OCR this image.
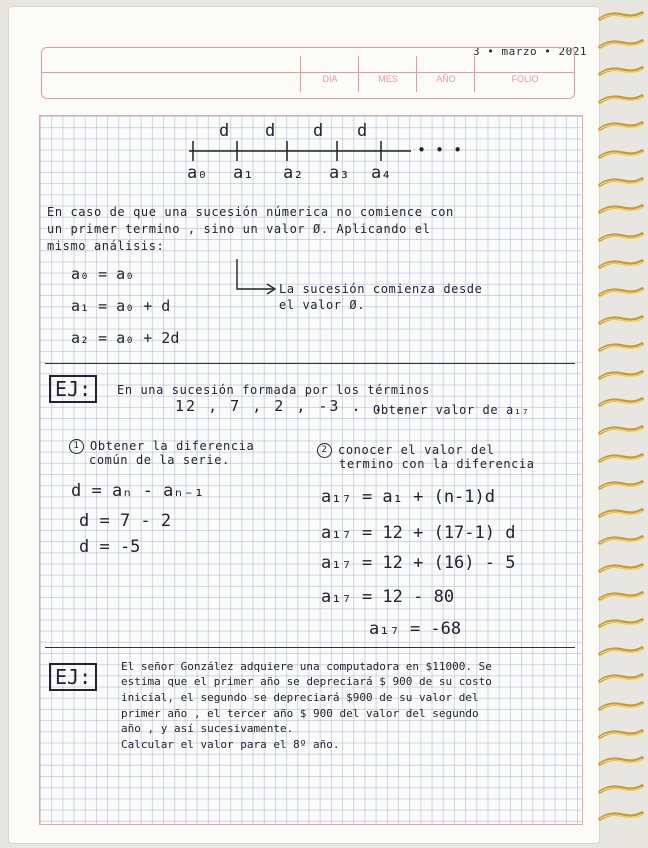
3 • marzo • 2021
DIA	MES	AÑO	FOLIO
d d d d
• • •
a₀ a₁ a₂ a₃ a₄
En caso de que una sucesión númerica no comience con
un primer termino , sino un valor Ø. Aplicando el
mismo análisis:
a₀ = a₀
a₁ = a₀ + d
a₂ = a₀ + 2d
La sucesión comienza desde
el valor Ø.
EJ:	En una sucesión formada por los términos
12 , 7 , 2 , -3 . . .
Obtener valor de a₁₇
1 Obtener la diferencia
común de la serie.
2 conocer el valor del
termino con la diferencia
d = aₙ - aₙ₋₁
d = 7 - 2
d = -5
a₁₇ = a₁ + (n-1)d
a₁₇ = 12 + (17-1) d
a₁₇ = 12 + (16) - 5
a₁₇ = 12 - 80
a₁₇ = -68
EJ:	El señor González adquiere una computadora en $11000. Se
estima que el primer año se depreciará $ 900 de su costo
inicial, el segundo se depreciará $900 de su valor del
primer año , el tercer año $ 900 del valor del segundo
año , y así sucesivamente.
Calcular el valor para el 8º año.
